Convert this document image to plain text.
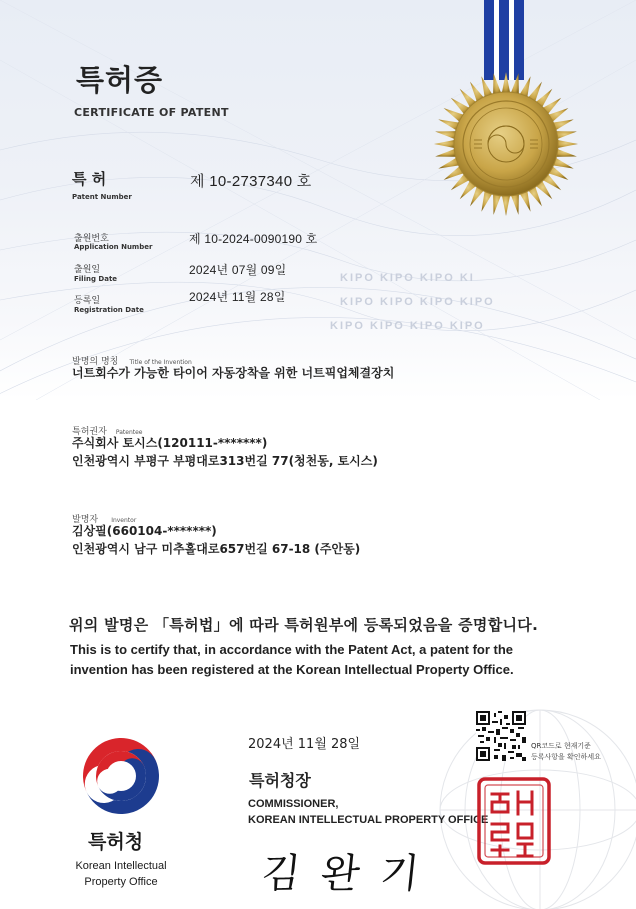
KIPO KIPO KIPO KI
KIPO KIPO KIPO KIPO
KIPO KIPO KIPO KIPO
특허증
CERTIFICATE OF PATENT
특 허
Patent Number
제 10-2737340 호
출원번호
Application Number
제 10-2024-0090190 호
출원일
Filing Date
2024년 07월 09일
등록일
Registration Date
2024년 11월 28일
발명의 명칭 Title of the Invention
너트회수가 가능한 타이어 자동장착을 위한 너트픽업체결장치
특허권자 Patentee
주식회사 토시스(120111-*******)
인천광역시 부평구 부평대로313번길 77(청천동, 토시스)
발명자 Inventor
김상필(660104-*******)
인천광역시 남구 미추홀대로657번길 67-18 (주안동)
위의 발명은 「특허법」에 따라 특허원부에 등록되었음을 증명합니다.
This is to certify that, in accordance with the Patent Act, a patent for the
invention has been registered at the Korean Intellectual Property Office.
2024년 11월 28일
특허청장
COMMISSIONER,
KOREAN INTELLECTUAL PROPERTY OFFICE
김 완 기
QR코드로 현재기준
등록사항을 확인하세요
특허청
Korean Intellectual
Property Office
